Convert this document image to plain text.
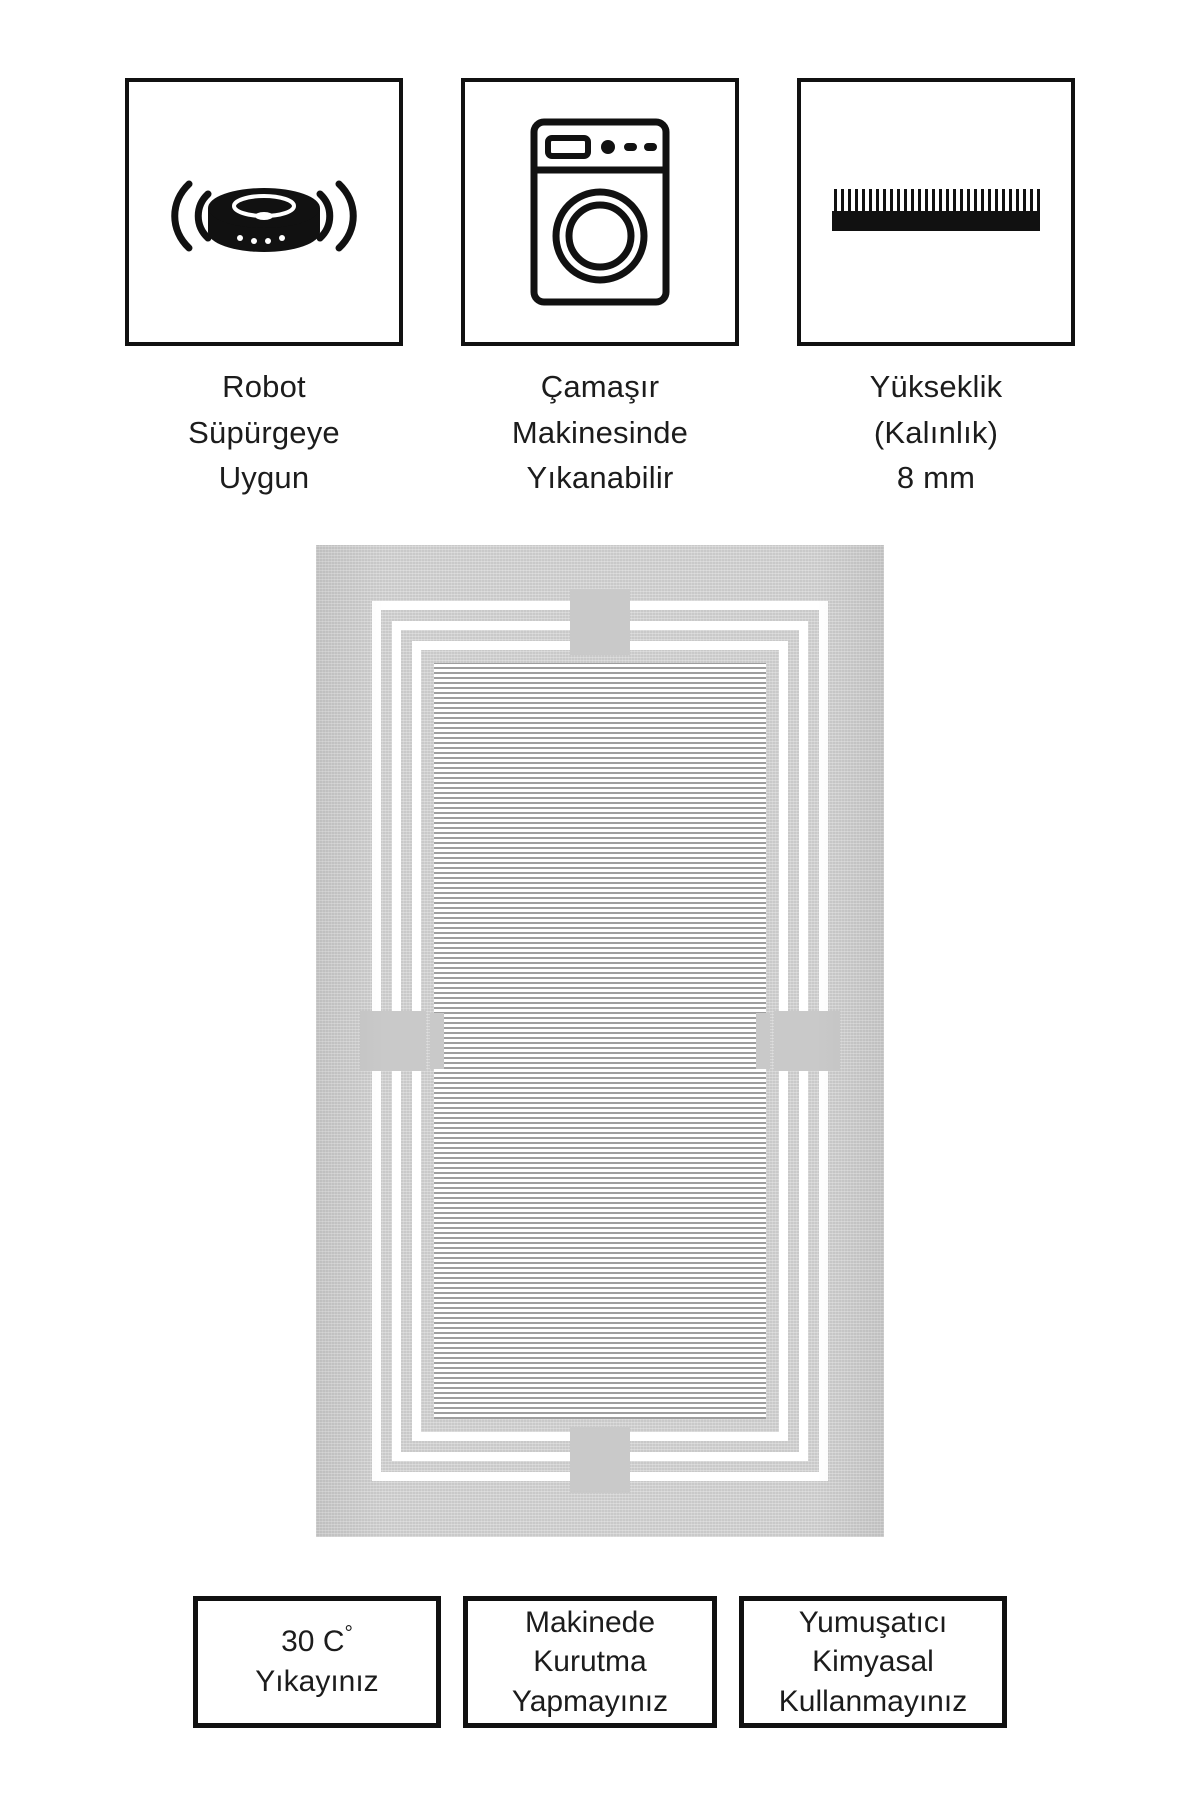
Robot
Süpürgeye
Uygun
Çamaşır
Makinesinde
Yıkanabilir
Yükseklik
(Kalınlık)
8 mm
30 C°
Yıkayınız
Makinede
Kurutma
Yapmayınız
Yumuşatıcı
Kimyasal
Kullanmayınız
